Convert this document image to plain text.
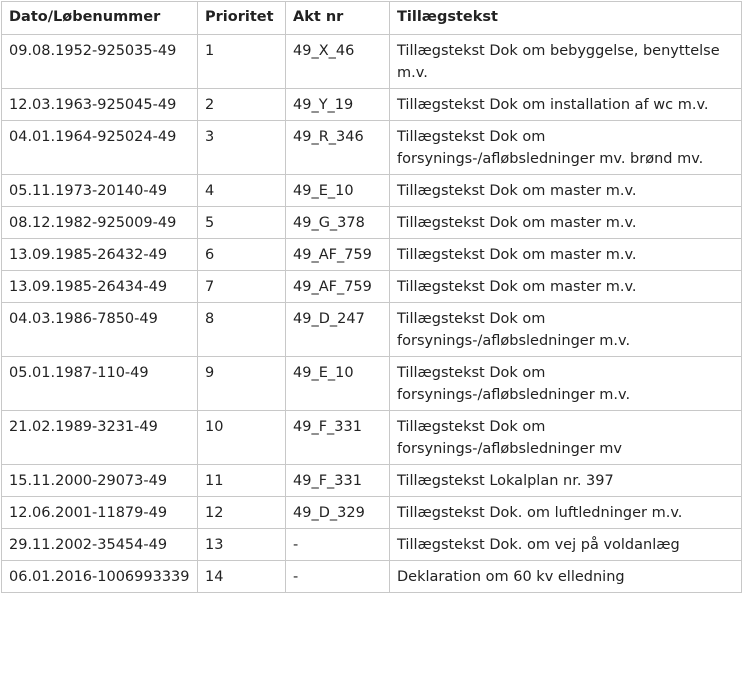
Dato/Løbenummer	Prioritet	Akt nr	Tillægstekst
09.08.1952-925035-49	1	49_X_46	Tillægstekst Dok om bebyggelse, benyttelse m.v.
12.03.1963-925045-49	2	49_Y_19	Tillægstekst Dok om installation af wc m.v.
04.01.1964-925024-49	3	49_R_346	Tillægstekst Dok om forsynings-/afløbsledninger mv. brønd mv.
05.11.1973-20140-49	4	49_E_10	Tillægstekst Dok om master m.v.
08.12.1982-925009-49	5	49_G_378	Tillægstekst Dok om master m.v.
13.09.1985-26432-49	6	49_AF_759	Tillægstekst Dok om master m.v.
13.09.1985-26434-49	7	49_AF_759	Tillægstekst Dok om master m.v.
04.03.1986-7850-49	8	49_D_247	Tillægstekst Dok om forsynings-/afløbsledninger m.v.
05.01.1987-110-49	9	49_E_10	Tillægstekst Dok om forsynings-/afløbsledninger m.v.
21.02.1989-3231-49	10	49_F_331	Tillægstekst Dok om forsynings-/afløbsledninger mv
15.11.2000-29073-49	11	49_F_331	Tillægstekst Lokalplan nr. 397
12.06.2001-11879-49	12	49_D_329	Tillægstekst Dok. om luftledninger m.v.
29.11.2002-35454-49	13	-	Tillægstekst Dok. om vej på voldanlæg
06.01.2016-1006993339	14	-	Deklaration om 60 kv elledning
